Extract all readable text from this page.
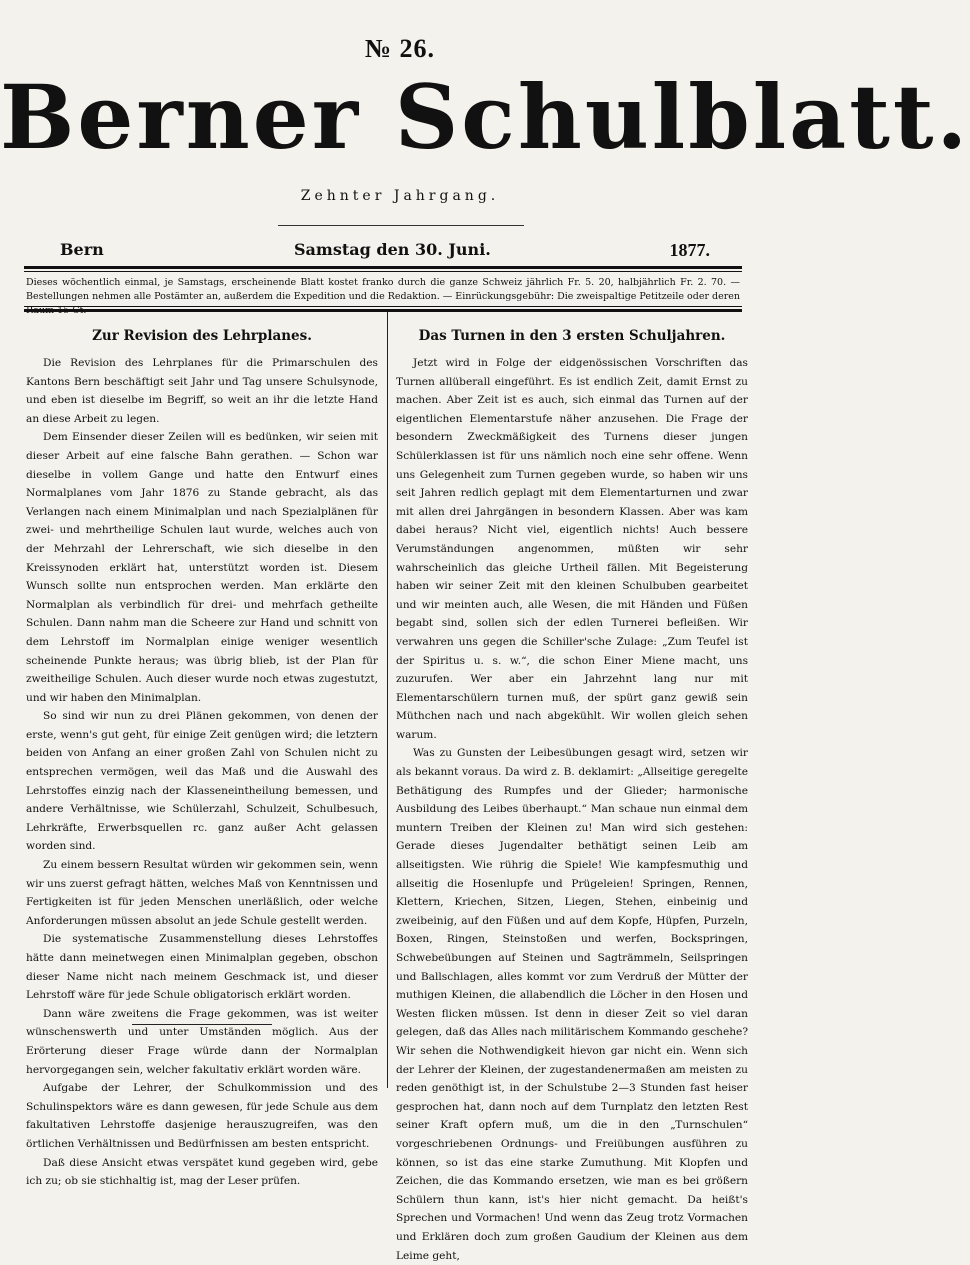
№ 26.
Berner Schulblatt.
Zehnter Jahrgang.
Bern	Samstag den 30. Juni.	1877.
Dieses wöchentlich einmal, je Samstags, erscheinende Blatt kostet franko durch die ganze Schweiz jährlich Fr. 5. 20, halbjährlich Fr. 2. 70. — Bestellungen nehmen alle Postämter an, außerdem die Expedition und die Redaktion. — Einrückungsgebühr: Die zweispaltige Petitzeile oder deren Raum 15 Ct.
Zur Revision des Lehrplanes.

Die Revision des Lehrplanes für die Primarschulen des Kantons Bern beschäftigt seit Jahr und Tag unsere Schulsynode, und eben ist dieselbe im Begriff, so weit an ihr die letzte Hand an diese Arbeit zu legen.

Dem Einsender dieser Zeilen will es bedünken, wir seien mit dieser Arbeit auf eine falsche Bahn gerathen. — Schon war dieselbe in vollem Gange und hatte den Entwurf eines Normalplanes vom Jahr 1876 zu Stande gebracht, als das Verlangen nach einem Minimalplan und nach Spezialplänen für zwei- und mehrtheilige Schulen laut wurde, welches auch von der Mehrzahl der Lehrerschaft, wie sich dieselbe in den Kreissynoden erklärt hat, unterstützt worden ist. Diesem Wunsch sollte nun entsprochen werden. Man erklärte den Normalplan als verbindlich für drei- und mehrfach getheilte Schulen. Dann nahm man die Scheere zur Hand und schnitt von dem Lehrstoff im Normalplan einige weniger wesentlich scheinende Punkte heraus; was übrig blieb, ist der Plan für zweitheilige Schulen. Auch dieser wurde noch etwas zugestutzt, und wir haben den Minimalplan.

So sind wir nun zu drei Plänen gekommen, von denen der erste, wenn's gut geht, für einige Zeit genügen wird; die letztern beiden von Anfang an einer großen Zahl von Schulen nicht zu entsprechen vermögen, weil das Maß und die Auswahl des Lehrstoffes einzig nach der Klasseneintheilung bemessen, und andere Verhältnisse, wie Schülerzahl, Schulzeit, Schulbesuch, Lehrkräfte, Erwerbsquellen rc. ganz außer Acht gelassen worden sind.

Zu einem bessern Resultat würden wir gekommen sein, wenn wir uns zuerst gefragt hätten, welches Maß von Kenntnissen und Fertigkeiten ist für jeden Menschen unerläßlich, oder welche Anforderungen müssen absolut an jede Schule gestellt werden.

Die systematische Zusammenstellung dieses Lehrstoffes hätte dann meinetwegen einen Minimalplan gegeben, obschon dieser Name nicht nach meinem Geschmack ist, und dieser Lehrstoff wäre für jede Schule obligatorisch erklärt worden.

Dann wäre zweitens die Frage gekommen, was ist weiter wünschenswerth und unter Umständen möglich. Aus der Erörterung dieser Frage würde dann der Normalplan hervorgegangen sein, welcher fakultativ erklärt worden wäre.

Aufgabe der Lehrer, der Schulkommission und des Schulinspektors wäre es dann gewesen, für jede Schule aus dem fakultativen Lehrstoffe dasjenige herauszugreifen, was den örtlichen Verhältnissen und Bedürfnissen am besten entspricht.

Daß diese Ansicht etwas verspätet kund gegeben wird, gebe ich zu; ob sie stichhaltig ist, mag der Leser prüfen.

Das Turnen in den 3 ersten Schuljahren.

Jetzt wird in Folge der eidgenössischen Vorschriften das Turnen allüberall eingeführt. Es ist endlich Zeit, damit Ernst zu machen. Aber Zeit ist es auch, sich einmal das Turnen auf der eigentlichen Elementarstufe näher anzusehen. Die Frage der besondern Zweckmäßigkeit des Turnens dieser jungen Schülerklassen ist für uns nämlich noch eine sehr offene. Wenn uns Gelegenheit zum Turnen gegeben wurde, so haben wir uns seit Jahren redlich geplagt mit dem Elementarturnen und zwar mit allen drei Jahrgängen in besondern Klassen. Aber was kam dabei heraus? Nicht viel, eigentlich nichts! Auch bessere Verumständungen angenommen, müßten wir sehr wahrscheinlich das gleiche Urtheil fällen. Mit Begeisterung haben wir seiner Zeit mit den kleinen Schulbuben gearbeitet und wir meinten auch, alle Wesen, die mit Händen und Füßen begabt sind, sollen sich der edlen Turnerei befleißen. Wir verwahren uns gegen die Schiller'sche Zulage: „Zum Teufel ist der Spiritus u. s. w.“, die schon Einer Miene macht, uns zuzurufen. Wer aber ein Jahrzehnt lang nur mit Elementarschülern turnen muß, der spürt ganz gewiß sein Müthchen nach und nach abgekühlt. Wir wollen gleich sehen warum.

Was zu Gunsten der Leibesübungen gesagt wird, setzen wir als bekannt voraus. Da wird z. B. deklamirt: „Allseitige geregelte Bethätigung des Rumpfes und der Glieder; harmonische Ausbildung des Leibes überhaupt.“ Man schaue nun einmal dem muntern Treiben der Kleinen zu! Man wird sich gestehen: Gerade dieses Jugendalter bethätigt seinen Leib am allseitigsten. Wie rührig die Spiele! Wie kampfesmuthig und allseitig die Hosenlupfe und Prügeleien! Springen, Rennen, Klettern, Kriechen, Sitzen, Liegen, Stehen, einbeinig und zweibeinig, auf den Füßen und auf dem Kopfe, Hüpfen, Purzeln, Boxen, Ringen, Steinstoßen und werfen, Bockspringen, Schwebeübungen auf Steinen und Sagträmmeln, Seilspringen und Ballschlagen, alles kommt vor zum Verdruß der Mütter der muthigen Kleinen, die allabendlich die Löcher in den Hosen und Westen flicken müssen. Ist denn in dieser Zeit so viel daran gelegen, daß das Alles nach militärischem Kommando geschehe? Wir sehen die Nothwendigkeit hievon gar nicht ein. Wenn sich der Lehrer der Kleinen, der zugestandenermaßen am meisten zu reden genöthigt ist, in der Schulstube 2—3 Stunden fast heiser gesprochen hat, dann noch auf dem Turnplatz den letzten Rest seiner Kraft opfern muß, um die in den „Turnschulen“ vorgeschriebenen Ordnungs- und Freiübungen ausführen zu können, so ist das eine starke Zumuthung. Mit Klopfen und Zeichen, die das Kommando ersetzen, wie man es bei größern Schülern thun kann, ist's hier nicht gemacht. Da heißt's Sprechen und Vormachen! Und wenn das Zeug trotz Vormachen und Erklären doch zum großen Gaudium der Kleinen aus dem Leime geht,
